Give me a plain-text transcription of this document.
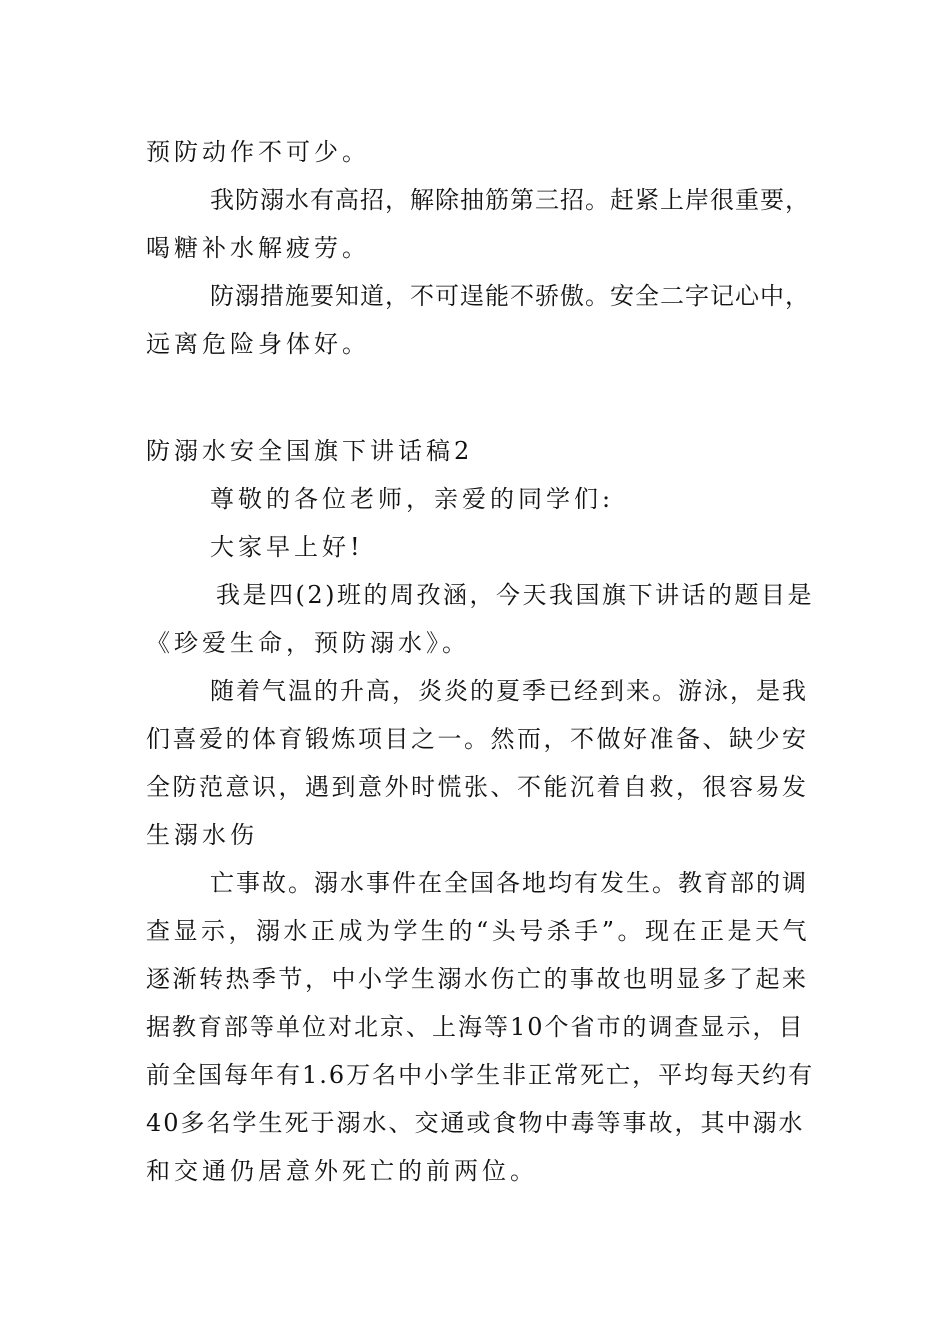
预防动作不可少。
我防溺水有高招，解除抽筋第三招。赶紧上岸很重要，
喝糖补水解疲劳。
防溺措施要知道，不可逞能不骄傲。安全二字记心中，
远离危险身体好。
防溺水安全国旗下讲话稿2
尊敬的各位老师，亲爱的同学们:
大家早上好!
我是四(2)班的周孜涵，今天我国旗下讲话的题目是
《珍爱生命，预防溺水》。
随着气温的升高，炎炎的夏季已经到来。游泳，是我
们喜爱的体育锻炼项目之一。然而，不做好准备、缺少安
全防范意识，遇到意外时慌张、不能沉着自救，很容易发
生溺水伤
亡事故。溺水事件在全国各地均有发生。教育部的调
查显示，溺水正成为学生的“头号杀手”。现在正是天气
逐渐转热季节，中小学生溺水伤亡的事故也明显多了起来
据教育部等单位对北京、上海等10个省市的调查显示，目
前全国每年有1.6万名中小学生非正常死亡，平均每天约有
40多名学生死于溺水、交通或食物中毒等事故，其中溺水
和交通仍居意外死亡的前两位。
